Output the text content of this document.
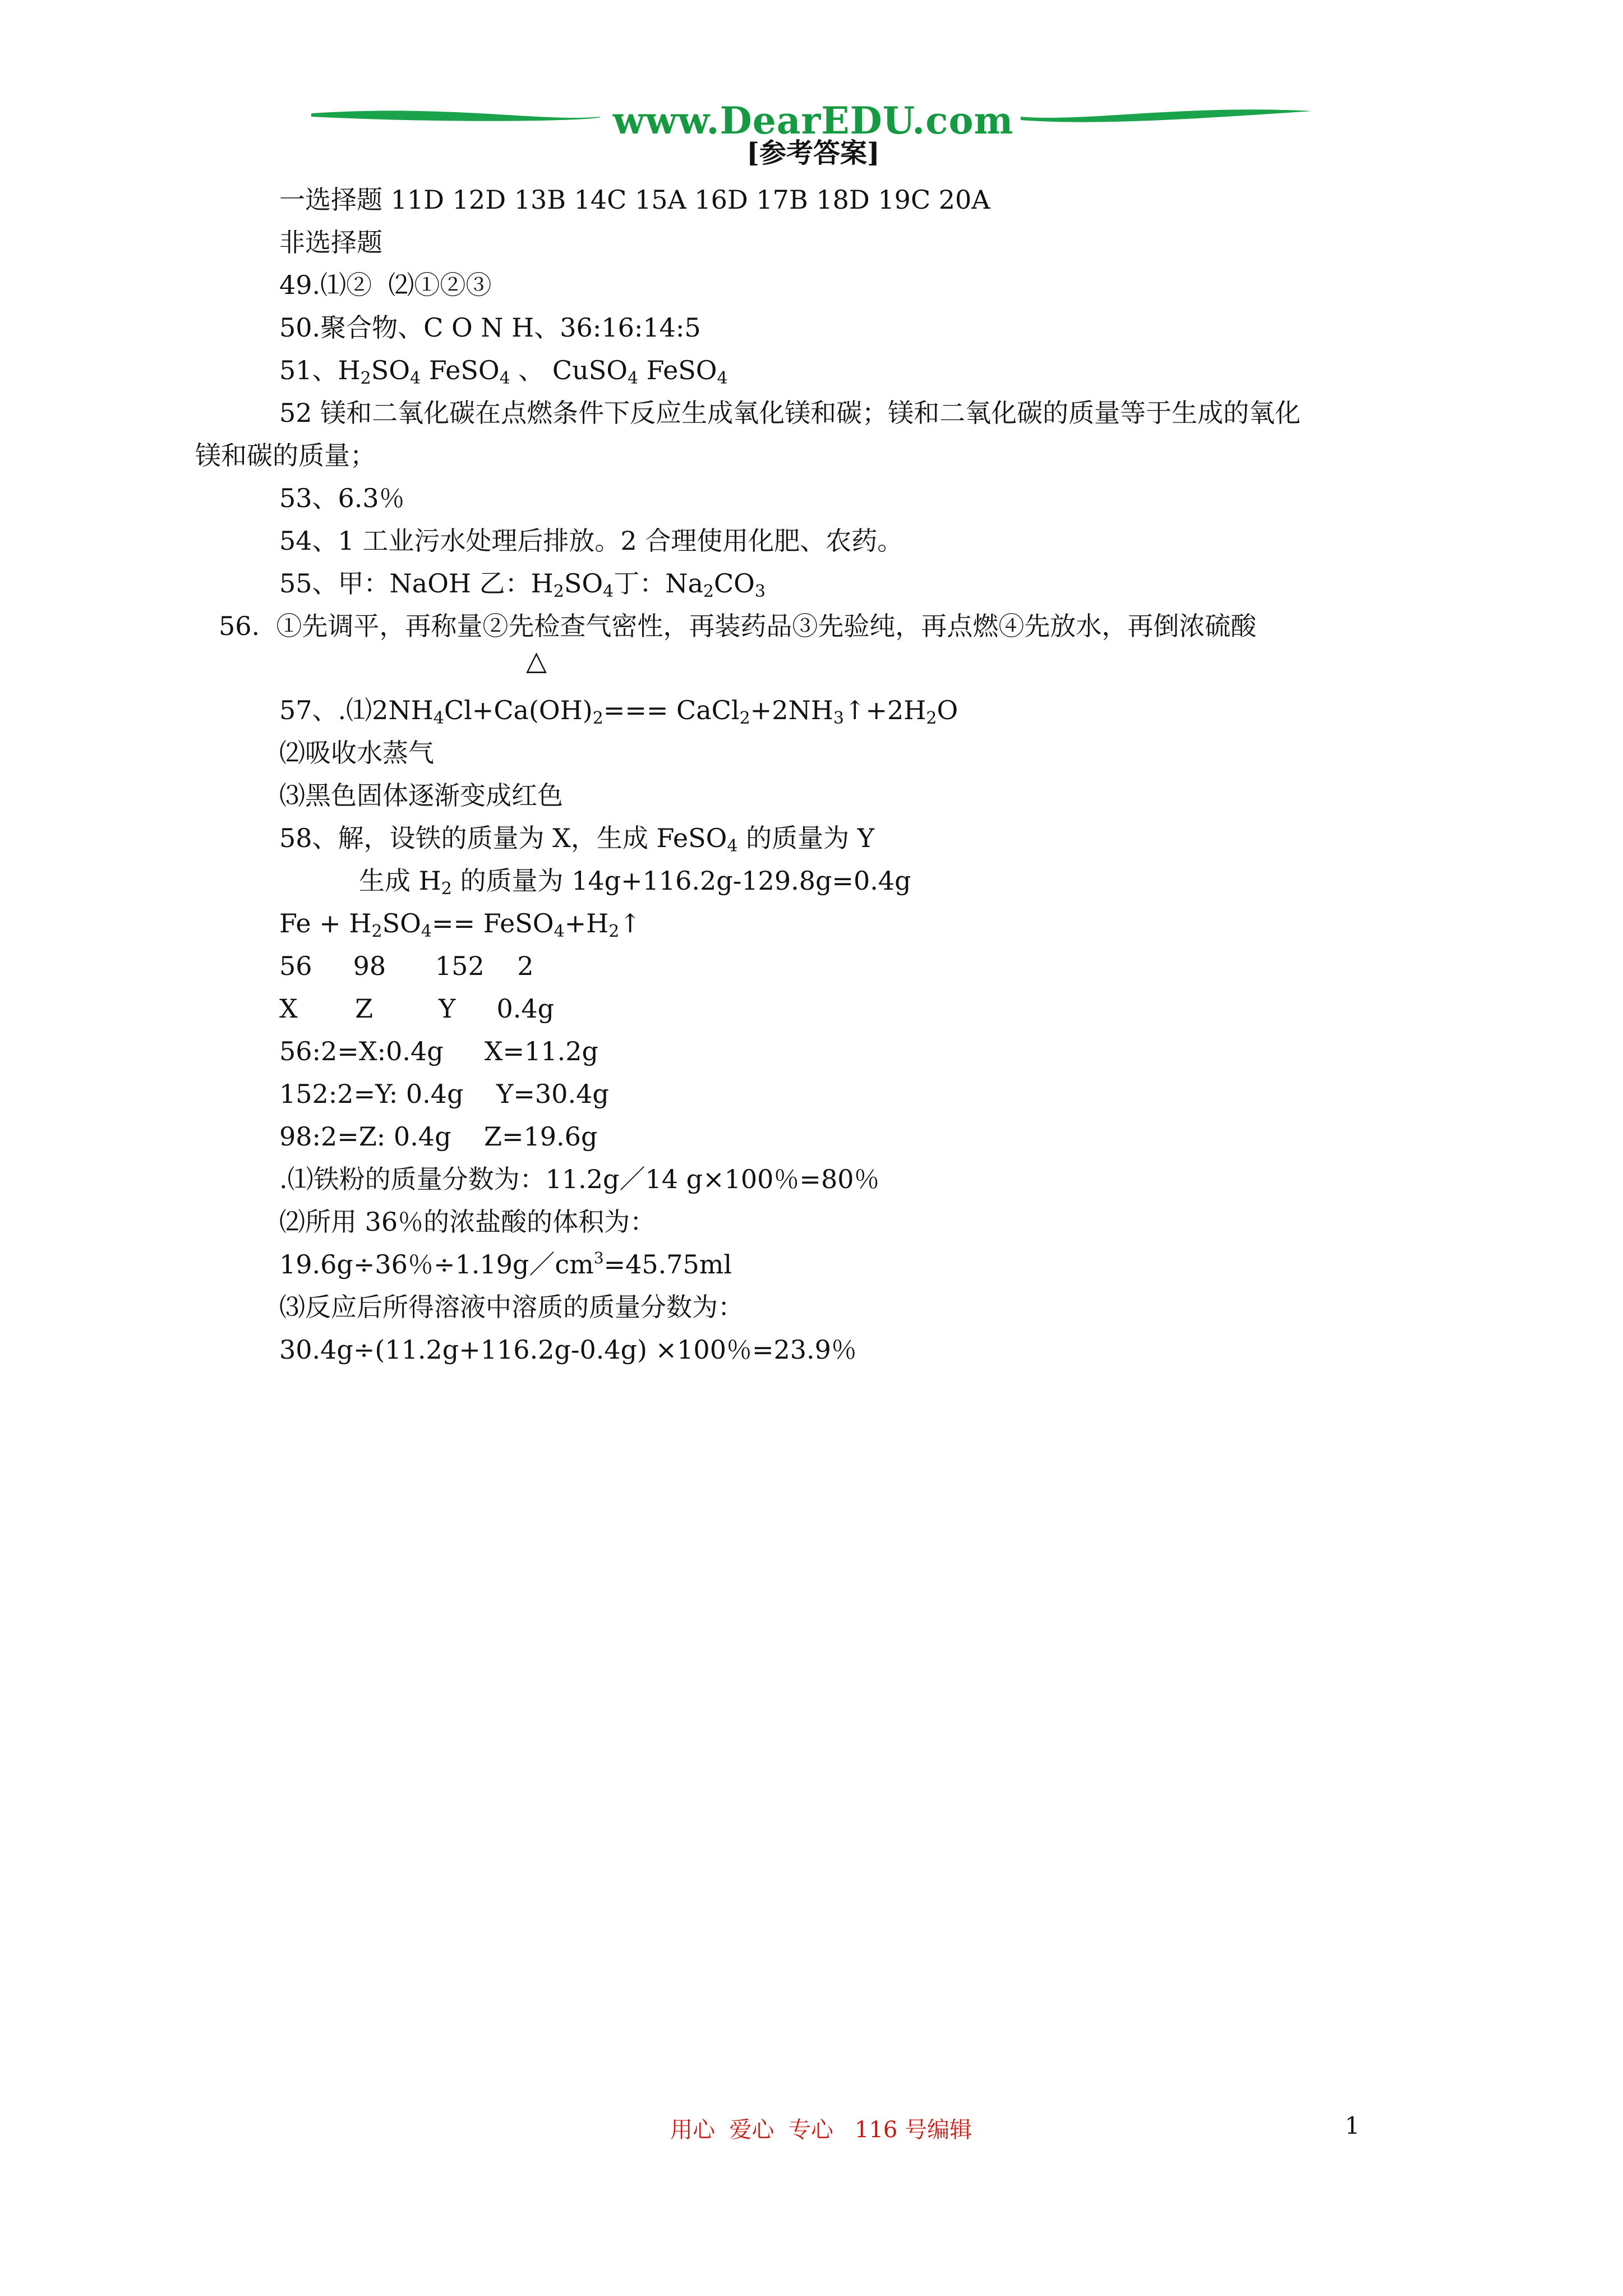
www.DearEDU.com
[参考答案]
一选择题 11D 12D 13B 14C 15A 16D 17B 18D 19C 20A
非选择题
49.⑴②  ⑵①②③
50.聚合物、C O N H、36:16:14:5
51、$H_2SO_4$ FeSO$_4$ 、 CuSO$_4$ FeSO$_4$
52 镁和二氧化碳在点燃条件下反应生成氧化镁和碳；镁和二氧化碳的质量等于生成的氧化
镁和碳的质量；
53、6.3％
54、1 工业污水处理后排放。2 合理使用化肥、农药。
55、甲：NaOH 乙：$H_2SO_4$丁：$Na_2CO_3$
56.  ①先调平，再称量②先检查气密性，再装药品③先验纯，再点燃④先放水，再倒浓硫酸
△
57、$.⑴2NH_4Cl+Ca(OH)_2===$ $CaCl_2+2NH_3↑+2H_2O$
⑵吸收水蒸气
⑶黑色固体逐渐变成红色
58、解，设铁的质量为 X，生成 FeSO$_4$ 的质量为 Y
生成 $H_2$ 的质量为 14g+116.2g-129.8g=0.4g
$Fe + H_2SO_4==$ $FeSO_4+H_2↑$
56     98      152    2
X       Z        Y     0.4g
56:2=X:0.4g     X=11.2g
152:2=Y: 0.4g    Y=30.4g
98:2=Z: 0.4g    Z=19.6g
.⑴铁粉的质量分数为：11.2g／14 g×100％=80％
⑵所用 36％的浓盐酸的体积为：
19.6g÷36％$\div 1.19g/cm^3=45.75ml$
⑶反应后所得溶液中溶质的质量分数为：
30.4g÷(11.2g+116.2g-0.4g) ×100％=23.9％
用心  爱心  专心   116 号编辑	1
